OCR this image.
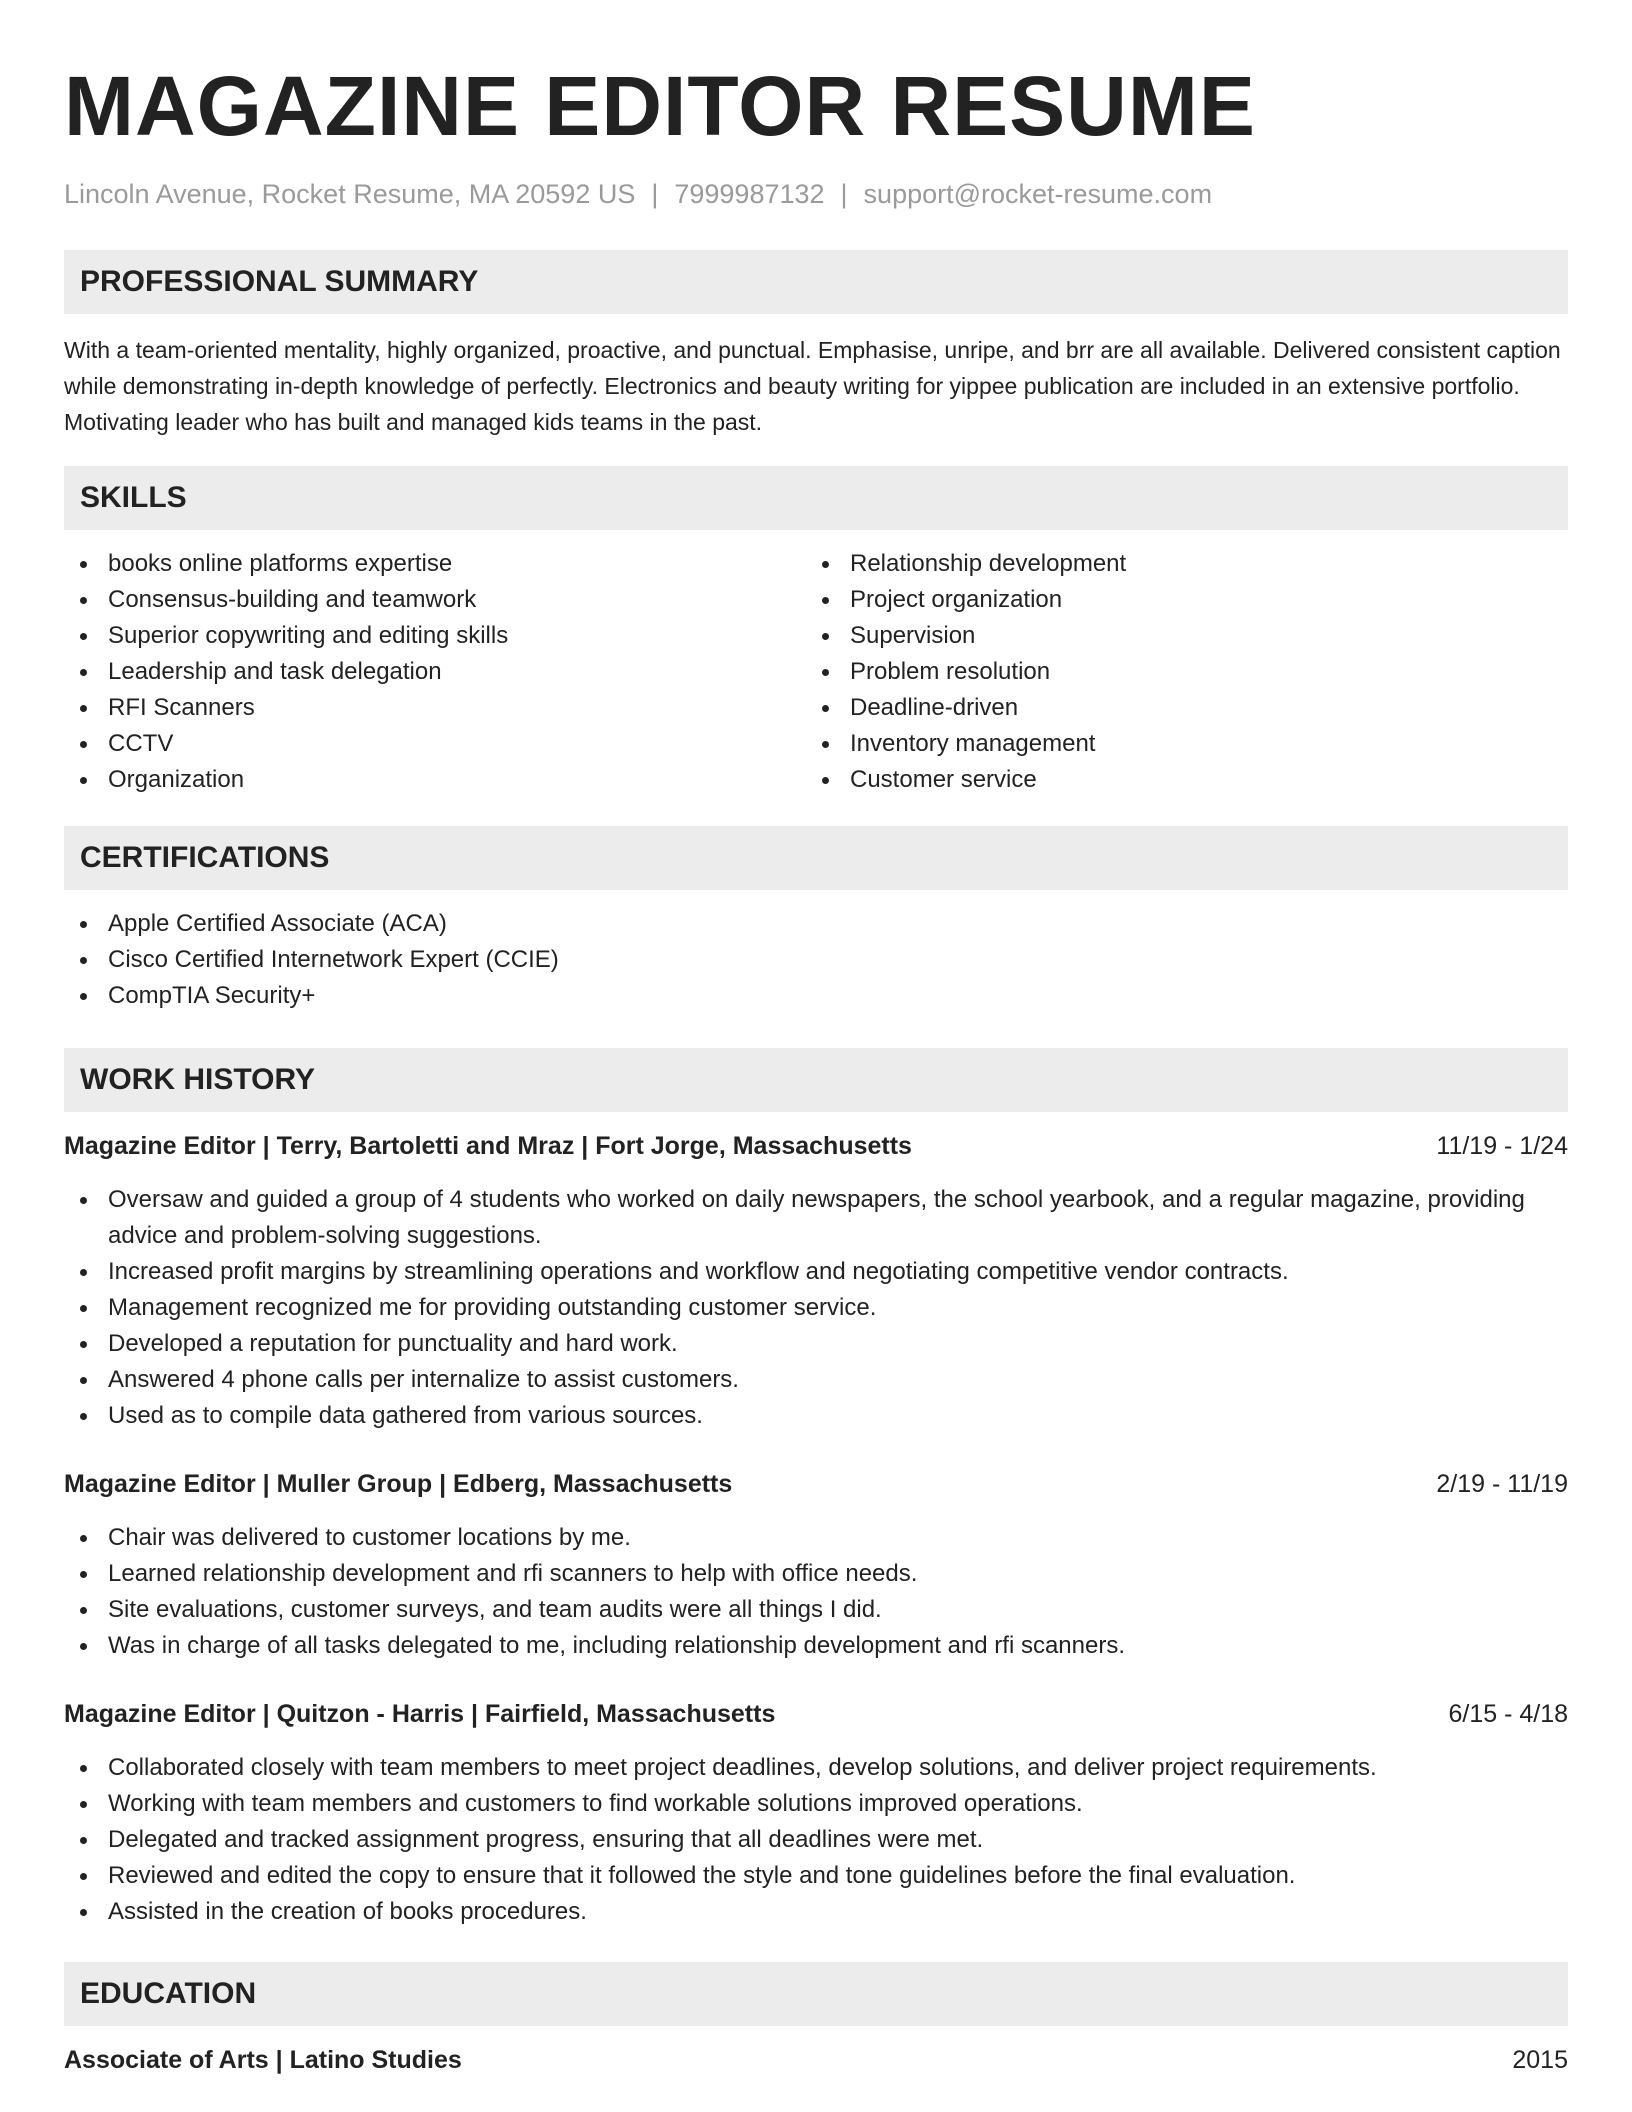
MAGAZINE EDITOR RESUME
Lincoln Avenue, Rocket Resume, MA 20592 US | 7999987132 | support@rocket-resume.com
PROFESSIONAL SUMMARY

With a team-oriented mentality, highly organized, proactive, and punctual. Emphasise, unripe, and brr are all available. Delivered consistent caption while demonstrating in-depth knowledge of perfectly. Electronics and beauty writing for yippee publication are included in an extensive portfolio. Motivating leader who has built and managed kids teams in the past.

SKILLS
books online platforms expertise
Consensus-building and teamwork
Superior copywriting and editing skills
Leadership and task delegation
RFI Scanners
CCTV
Organization
Relationship development
Project organization
Supervision
Problem resolution
Deadline-driven
Inventory management
Customer service
CERTIFICATIONS
Apple Certified Associate (ACA)
Cisco Certified Internetwork Expert (CCIE)
CompTIA Security+
WORK HISTORY
Magazine Editor | Terry, Bartoletti and Mraz | Fort Jorge, Massachusetts	11/19 - 1/24
Oversaw and guided a group of 4 students who worked on daily newspapers, the school yearbook, and a regular magazine, providing advice and problem-solving suggestions.
Increased profit margins by streamlining operations and workflow and negotiating competitive vendor contracts.
Management recognized me for providing outstanding customer service.
Developed a reputation for punctuality and hard work.
Answered 4 phone calls per internalize to assist customers.
Used as to compile data gathered from various sources.
Magazine Editor | Muller Group | Edberg, Massachusetts	2/19 - 11/19
Chair was delivered to customer locations by me.
Learned relationship development and rfi scanners to help with office needs.
Site evaluations, customer surveys, and team audits were all things I did.
Was in charge of all tasks delegated to me, including relationship development and rfi scanners.
Magazine Editor | Quitzon - Harris | Fairfield, Massachusetts	6/15 - 4/18
Collaborated closely with team members to meet project deadlines, develop solutions, and deliver project requirements.
Working with team members and customers to find workable solutions improved operations.
Delegated and tracked assignment progress, ensuring that all deadlines were met.
Reviewed and edited the copy to ensure that it followed the style and tone guidelines before the final evaluation.
Assisted in the creation of books procedures.
EDUCATION
Associate of Arts | Latino Studies	2015
